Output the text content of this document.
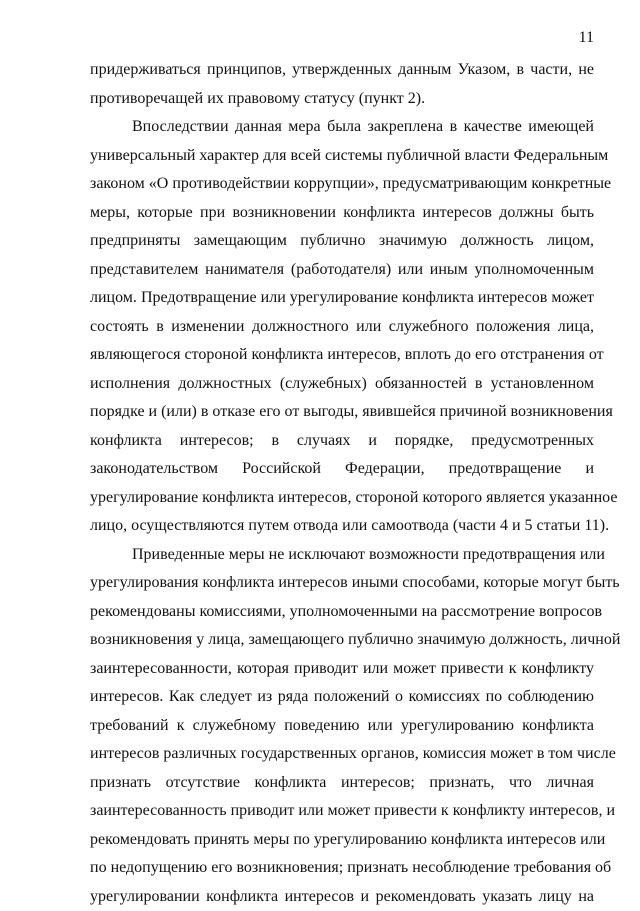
11

придерживаться принципов, утвержденных данным Указом, в части, не

противоречащей их правовому статусу (пункт 2).

Впоследствии данная мера была закреплена в качестве имеющей

универсальный характер для всей системы публичной власти Федеральным

законом «О противодействии коррупции», предусматривающим конкретные

меры, которые при возникновении конфликта интересов должны быть

предприняты замещающим публично значимую должность лицом,

представителем нанимателя (работодателя) или иным уполномоченным

лицом. Предотвращение или урегулирование конфликта интересов может

состоять в изменении должностного или служебного положения лица,

являющегося стороной конфликта интересов, вплоть до его отстранения от

исполнения должностных (служебных) обязанностей в установленном

порядке и (или) в отказе его от выгоды, явившейся причиной возникновения

конфликта интересов; в случаях и порядке, предусмотренных

законодательством Российской Федерации, предотвращение и

урегулирование конфликта интересов, стороной которого является указанное

лицо, осуществляются путем отвода или самоотвода (части 4 и 5 статьи 11).

Приведенные меры не исключают возможности предотвращения или

урегулирования конфликта интересов иными способами, которые могут быть

рекомендованы комиссиями, уполномоченными на рассмотрение вопросов

возникновения у лица, замещающего публично значимую должность, личной

заинтересованности, которая приводит или может привести к конфликту

интересов. Как следует из ряда положений о комиссиях по соблюдению

требований к служебному поведению или урегулированию конфликта

интересов различных государственных органов, комиссия может в том числе

признать отсутствие конфликта интересов; признать, что личная

заинтересованность приводит или может привести к конфликту интересов, и

рекомендовать принять меры по урегулированию конфликта интересов или

по недопущению его возникновения; признать несоблюдение требования об

урегулировании конфликта интересов и рекомендовать указать лицу на
